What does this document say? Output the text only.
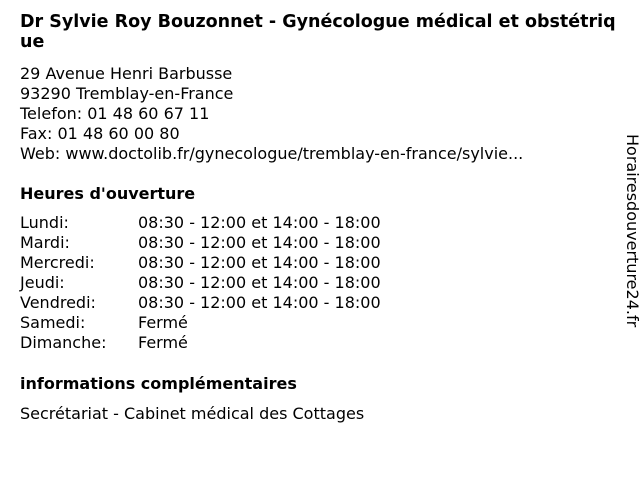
Dr Sylvie Roy Bouzonnet - Gynécologue médical et obstétrique
29 Avenue Henri Barbusse
93290 Tremblay-en-France
Telefon: 01 48 60 67 11
Fax: 01 48 60 00 80
Web: www.doctolib.fr/gynecologue/tremblay-en-france/sylvie...
Heures d'ouverture
Lundi:	08:30 - 12:00 et 14:00 - 18:00
Mardi:	08:30 - 12:00 et 14:00 - 18:00
Mercredi:	08:30 - 12:00 et 14:00 - 18:00
Jeudi:	08:30 - 12:00 et 14:00 - 18:00
Vendredi:	08:30 - 12:00 et 14:00 - 18:00
Samedi:	Fermé
Dimanche:	Fermé
informations complémentaires
Secrétariat - Cabinet médical des Cottages
Horairesdouverture24.fr
